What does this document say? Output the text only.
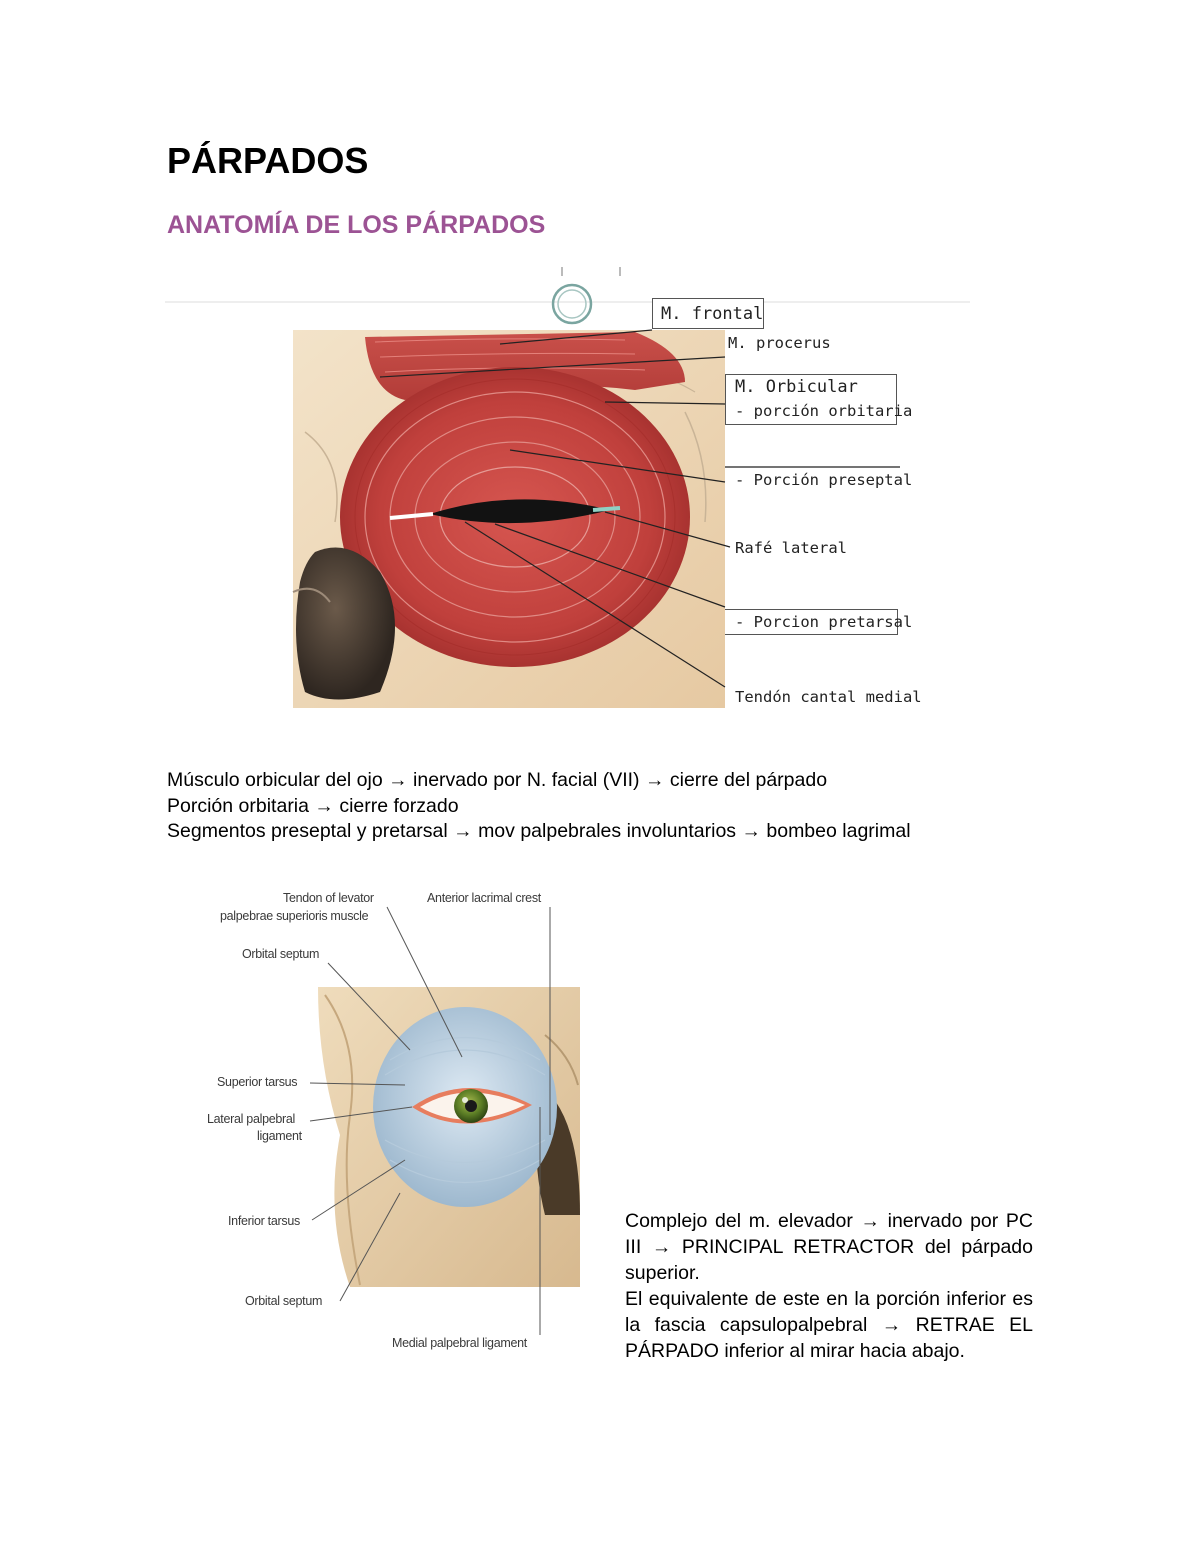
PÁRPADOS
ANATOMÍA DE LOS PÁRPADOS
M. frontal
M. procerus
M. Orbicular
- porción orbitaria
- Porción preseptal
Rafé lateral
- Porcion pretarsal
Tendón cantal medial
Músculo orbicular del ojo → inervado por N. facial (VII) → cierre del párpado
Porción orbitaria → cierre forzado
Segmentos preseptal y pretarsal → mov palpebrales involuntarios → bombeo lagrimal
Tendon of levator
palpebrae superioris muscle
Anterior lacrimal crest
Orbital septum
Superior tarsus
Lateral palpebral
ligament
Inferior tarsus
Orbital septum
Medial palpebral ligament

Complejo del m. elevador → inervado por PC III → PRINCIPAL RETRACTOR del párpado superior.

El equivalente de este en la porción inferior es la fascia capsulopalpebral → RETRAE EL PÁRPADO inferior al mirar hacia abajo.
